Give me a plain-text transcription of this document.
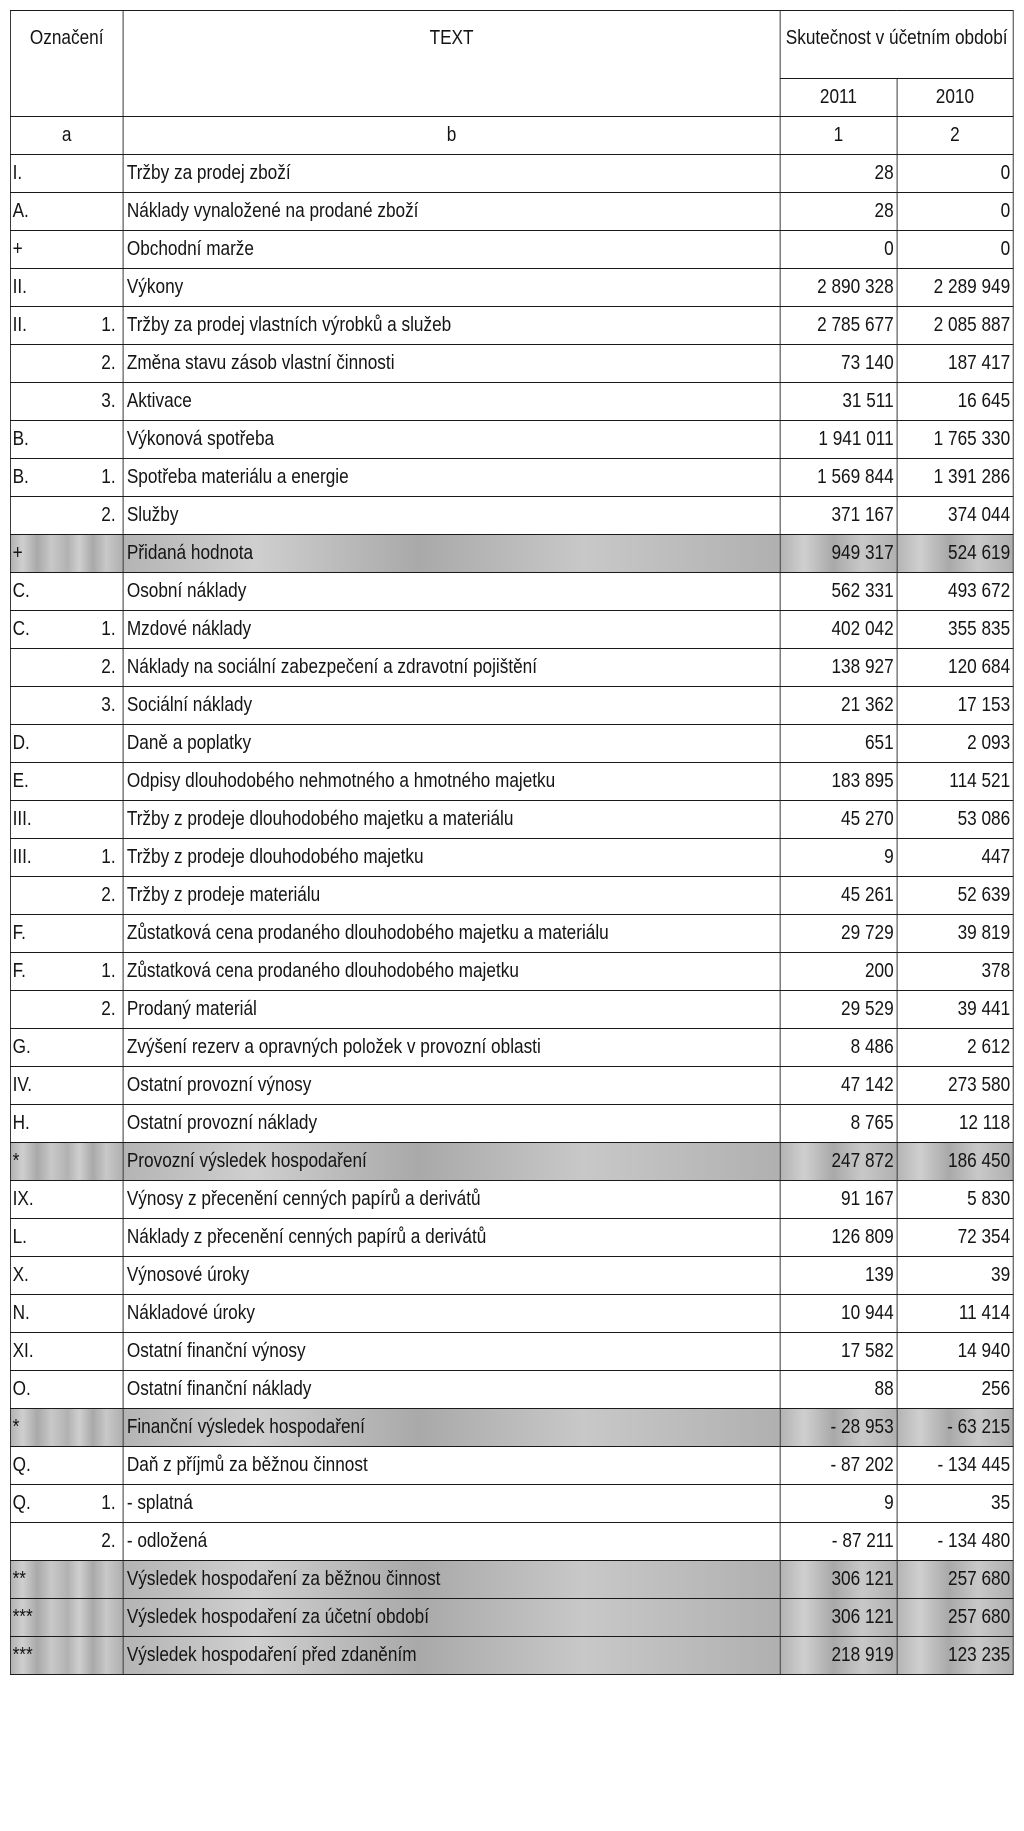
Označení		TEXT	Skutečnost v účetním období	
			2011	2010
a		b	1	2
I.		Tržby za prodej zboží	28	0
A.		Náklady vynaložené na prodané zboží	28	0
+		Obchodní marže	0	0
II.		Výkony	2 890 328	2 289 949
II.	1.	Tržby za prodej vlastních výrobků a služeb	2 785 677	2 085 887
	2.	Změna stavu zásob vlastní činnosti	73 140	187 417
	3.	Aktivace	31 511	16 645
B.		Výkonová spotřeba	1 941 011	1 765 330
B.	1.	Spotřeba materiálu a energie	1 569 844	1 391 286
	2.	Služby	371 167	374 044
+		Přidaná hodnota	949 317	524 619
C.		Osobní náklady	562 331	493 672
C.	1.	Mzdové náklady	402 042	355 835
	2.	Náklady na sociální zabezpečení a zdravotní pojištění	138 927	120 684
	3.	Sociální náklady	21 362	17 153
D.		Daně a poplatky	651	2 093
E.		Odpisy dlouhodobého nehmotného a hmotného majetku	183 895	114 521
III.		Tržby z prodeje dlouhodobého majetku a materiálu	45 270	53 086
III.	1.	Tržby z prodeje dlouhodobého majetku	9	447
	2.	Tržby z prodeje materiálu	45 261	52 639
F.		Zůstatková cena prodaného dlouhodobého majetku a materiálu	29 729	39 819
F.	1.	Zůstatková cena prodaného dlouhodobého majetku	200	378
	2.	Prodaný materiál	29 529	39 441
G.		Zvýšení rezerv a opravných položek v provozní oblasti	8 486	2 612
IV.		Ostatní provozní výnosy	47 142	273 580
H.		Ostatní provozní náklady	8 765	12 118
*		Provozní výsledek hospodaření	247 872	186 450
IX.		Výnosy z přecenění cenných papírů a derivátů	91 167	5 830
L.		Náklady z přecenění cenných papírů a derivátů	126 809	72 354
X.		Výnosové úroky	139	39
N.		Nákladové úroky	10 944	11 414
XI.		Ostatní finanční výnosy	17 582	14 940
O.		Ostatní finanční náklady	88	256
*		Finanční výsledek hospodaření	- 28 953	- 63 215
Q.		Daň z příjmů za běžnou činnost	- 87 202	- 134 445
Q.	1.	- splatná	9	35
	2.	- odložená	- 87 211	- 134 480
**		Výsledek hospodaření za běžnou činnost	306 121	257 680
***		Výsledek hospodaření za účetní období	306 121	257 680
***		Výsledek hospodaření před zdaněním	218 919	123 235
